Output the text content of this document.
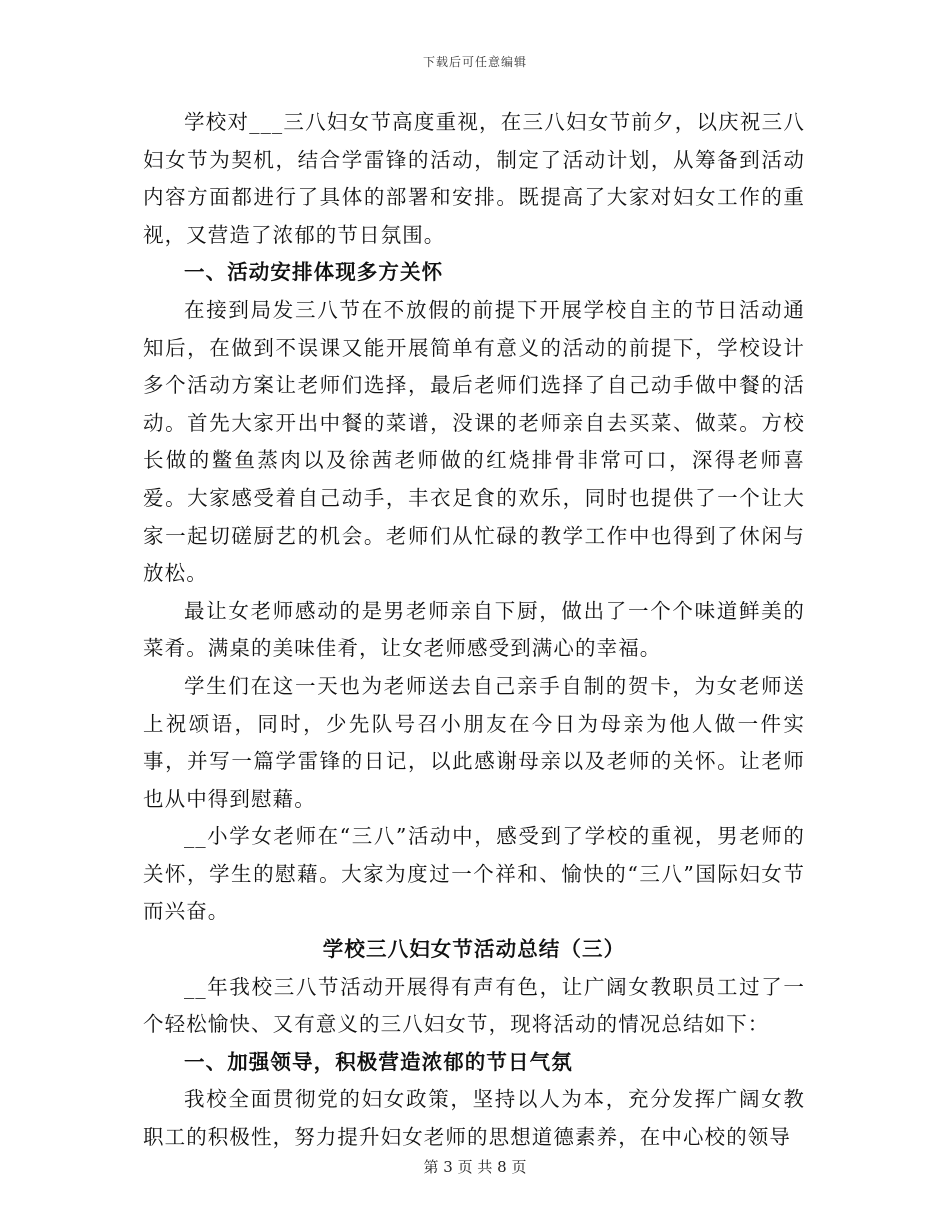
下载后可任意编辑

学校对___三八妇女节高度重视，在三八妇女节前夕，以庆祝三八妇女节为契机，结合学雷锋的活动，制定了活动计划，从筹备到活动内容方面都进行了具体的部署和安排。既提高了大家对妇女工作的重视，又营造了浓郁的节日氛围。

一、活动安排体现多方关怀

在接到局发三八节在不放假的前提下开展学校自主的节日活动通知后，在做到不误课又能开展简单有意义的活动的前提下，学校设计多个活动方案让老师们选择，最后老师们选择了自己动手做中餐的活动。首先大家开出中餐的菜谱，没课的老师亲自去买菜、做菜。方校长做的鳖鱼蒸肉以及徐茜老师做的红烧排骨非常可口，深得老师喜爱。大家感受着自己动手，丰衣足食的欢乐，同时也提供了一个让大家一起切磋厨艺的机会。老师们从忙碌的教学工作中也得到了休闲与放松。

最让女老师感动的是男老师亲自下厨，做出了一个个味道鲜美的菜肴。满桌的美味佳肴，让女老师感受到满心的幸福。

学生们在这一天也为老师送去自己亲手自制的贺卡，为女老师送上祝颂语，同时，少先队号召小朋友在今日为母亲为他人做一件实事，并写一篇学雷锋的日记，以此感谢母亲以及老师的关怀。让老师也从中得到慰藉。

__小学女老师在“三八”活动中，感受到了学校的重视，男老师的关怀，学生的慰藉。大家为度过一个祥和、愉快的“三八”国际妇女节而兴奋。

学校三八妇女节活动总结（三）

__年我校三八节活动开展得有声有色，让广阔女教职员工过了一个轻松愉快、又有意义的三八妇女节，现将活动的情况总结如下：

一、加强领导，积极营造浓郁的节日气氛

我校全面贯彻党的妇女政策，坚持以人为本，充分发挥广阔女教职工的积极性，努力提升妇女老师的思想道德素养，在中心校的领导

第 3 页 共 8 页
